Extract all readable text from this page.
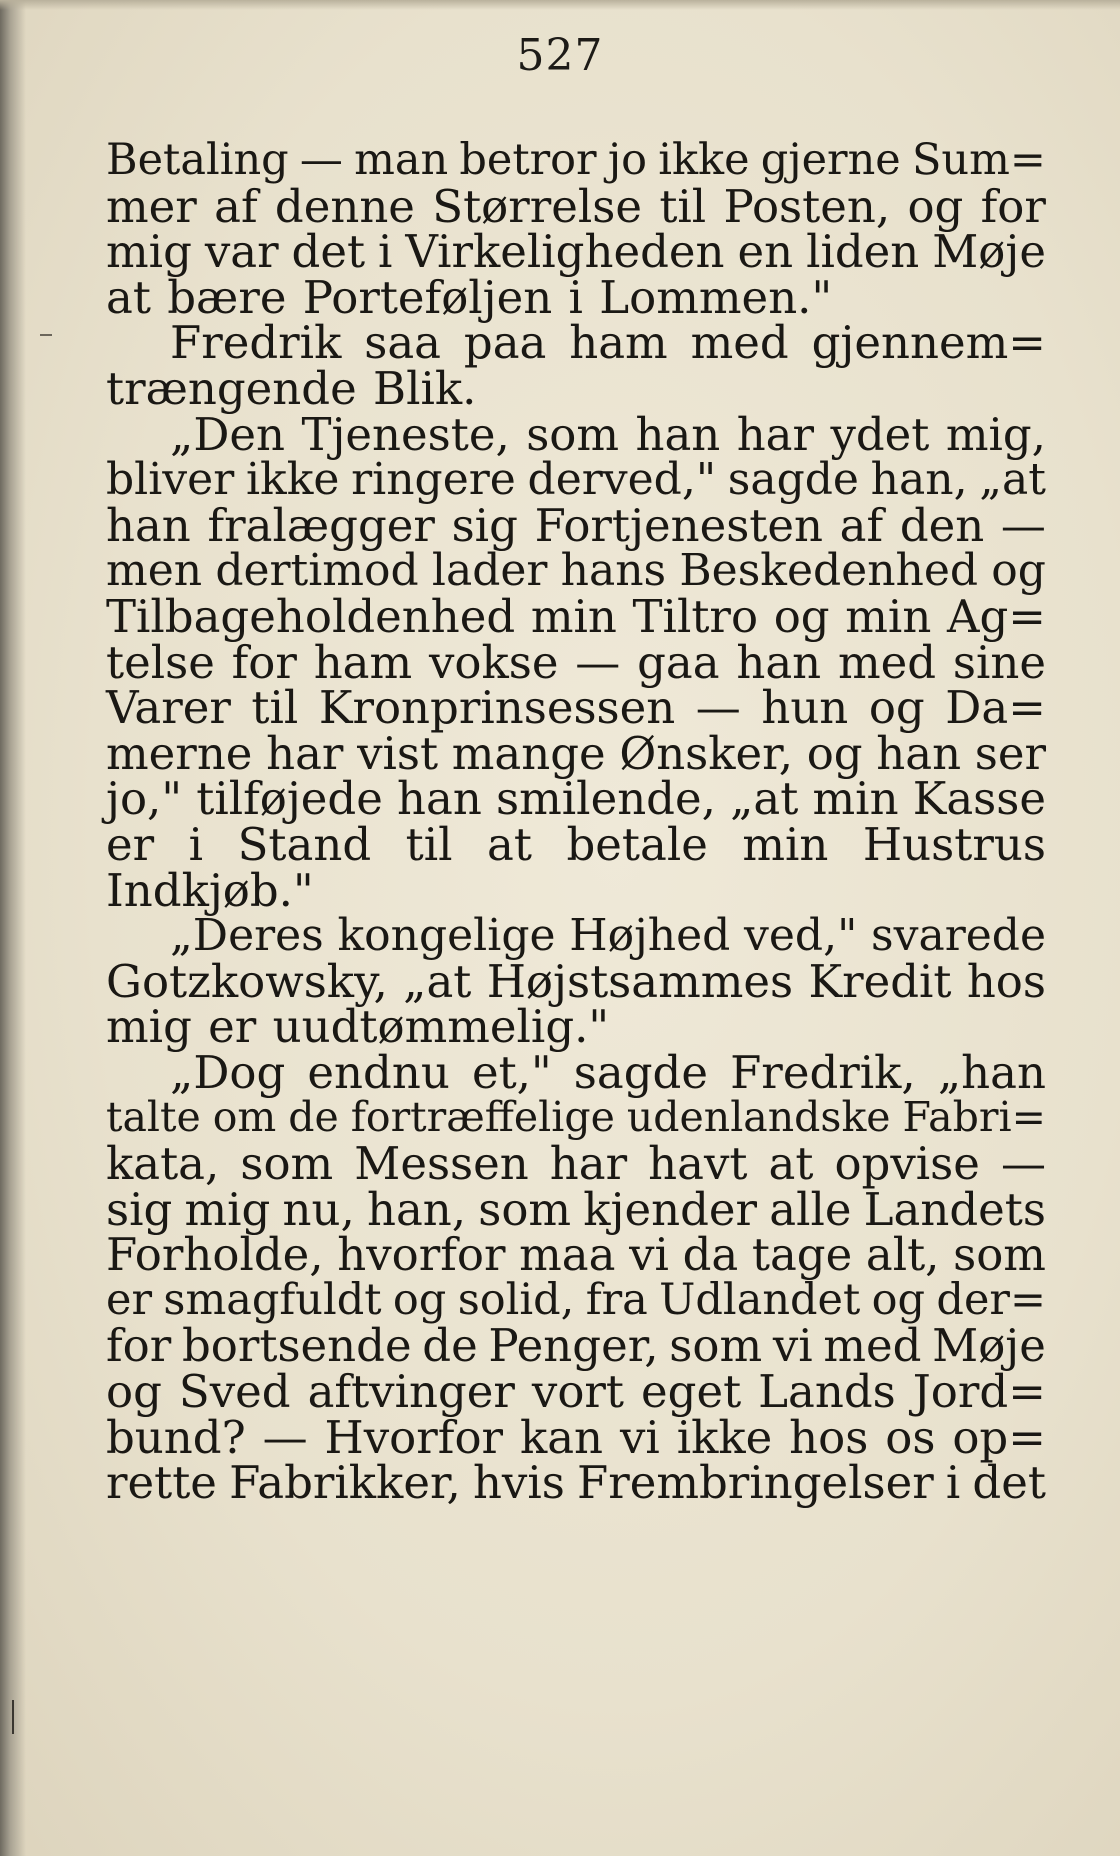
527
Betaling — man betror jo ikke gjerne Sum=
mer af denne Størrelse til Posten, og for
mig var det i Virkeligheden en liden Møje
at bære Porteføljen i Lommen."
Fredrik saa paa ham med gjennem=
trængende Blik.
„Den Tjeneste, som han har ydet mig,
bliver ikke ringere derved," sagde han, „at
han fralægger sig Fortjenesten af den —
men dertimod lader hans Beskedenhed og
Tilbageholdenhed min Tiltro og min Ag=
telse for ham vokse — gaa han med sine
Varer til Kronprinsessen — hun og Da=
merne har vist mange Ønsker, og han ser
jo," tilføjede han smilende, „at min Kasse
er i Stand til at betale min Hustrus
Indkjøb."
„Deres kongelige Højhed ved," svarede
Gotzkowsky, „at Højstsammes Kredit hos
mig er uudtømmelig."
„Dog endnu et," sagde Fredrik, „han
talte om de fortræffelige udenlandske Fabri=
kata, som Messen har havt at opvise —
sig mig nu, han, som kjender alle Landets
Forholde, hvorfor maa vi da tage alt, som
er smagfuldt og solid, fra Udlandet og der=
for bortsende de Penger, som vi med Møje
og Sved aftvinger vort eget Lands Jord=
bund? — Hvorfor kan vi ikke hos os op=
rette Fabrikker, hvis Frembringelser i det
